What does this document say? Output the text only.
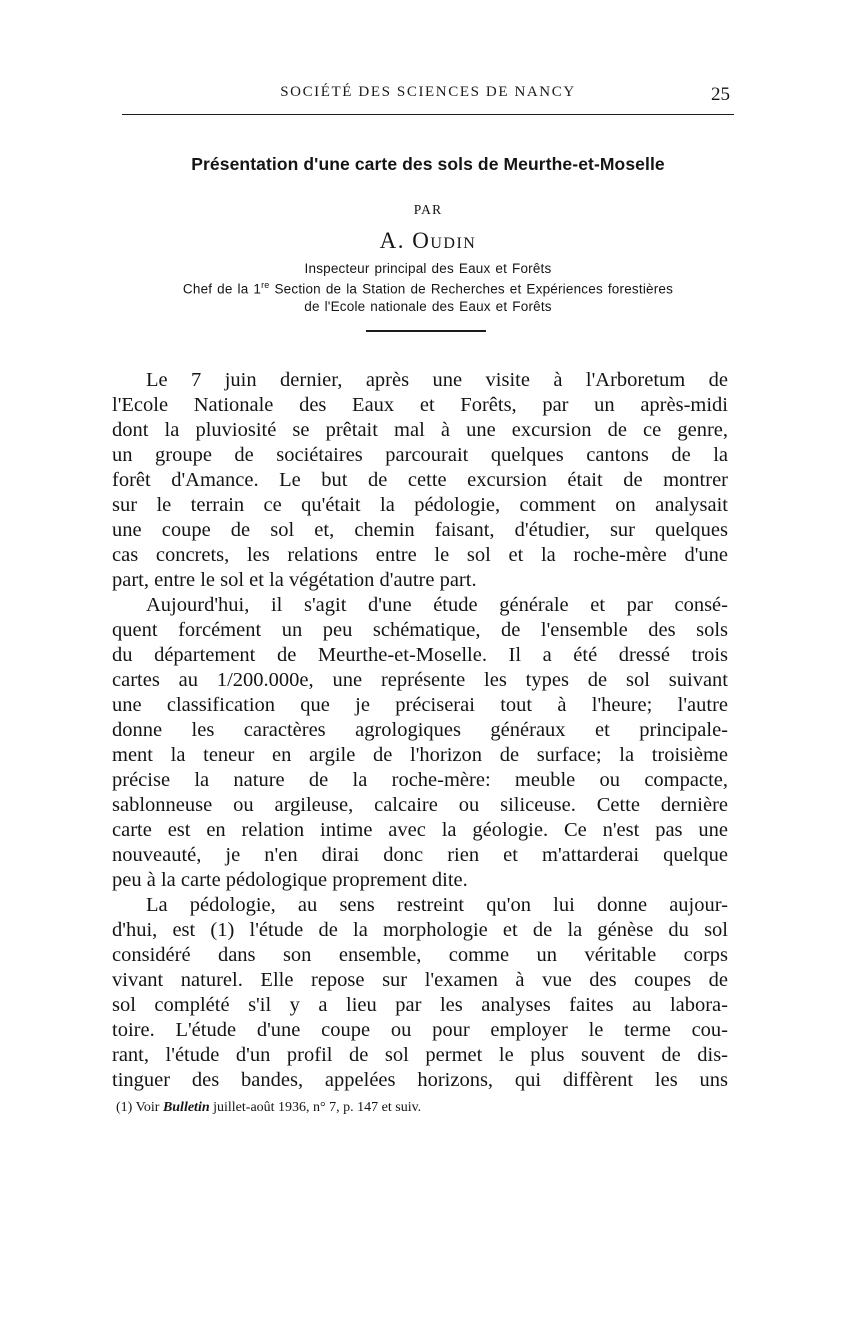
SOCIÉTÉ DES SCIENCES DE NANCY	25
Présentation d'une carte des sols de Meurthe-et-Moselle
PAR
A. Oudin
Inspecteur principal des Eaux et Forêts
Chef de la 1re Section de la Station de Recherches et Expériences forestières
de l'Ecole nationale des Eaux et Forêts
Le 7 juin dernier, après une visite à l'Arboretum de
l'Ecole Nationale des Eaux et Forêts, par un après-midi
dont la pluviosité se prêtait mal à une excursion de ce genre,
un groupe de sociétaires parcourait quelques cantons de la
forêt d'Amance. Le but de cette excursion était de montrer
sur le terrain ce qu'était la pédologie, comment on analysait
une coupe de sol et, chemin faisant, d'étudier, sur quelques
cas concrets, les relations entre le sol et la roche-mère d'une
part, entre le sol et la végétation d'autre part.
Aujourd'hui, il s'agit d'une étude générale et par consé-
quent forcément un peu schématique, de l'ensemble des sols
du département de Meurthe-et-Moselle. Il a été dressé trois
cartes au 1/200.000e, une représente les types de sol suivant
une classification que je préciserai tout à l'heure; l'autre
donne les caractères agrologiques généraux et principale-
ment la teneur en argile de l'horizon de surface; la troisième
précise la nature de la roche-mère: meuble ou compacte,
sablonneuse ou argileuse, calcaire ou siliceuse. Cette dernière
carte est en relation intime avec la géologie. Ce n'est pas une
nouveauté, je n'en dirai donc rien et m'attarderai quelque
peu à la carte pédologique proprement dite.
La pédologie, au sens restreint qu'on lui donne aujour-
d'hui, est (1) l'étude de la morphologie et de la génèse du sol
considéré dans son ensemble, comme un véritable corps
vivant naturel. Elle repose sur l'examen à vue des coupes de
sol complété s'il y a lieu par les analyses faites au labora-
toire. L'étude d'une coupe ou pour employer le terme cou-
rant, l'étude d'un profil de sol permet le plus souvent de dis-
tinguer des bandes, appelées horizons, qui diffèrent les uns
(1) Voir Bulletin juillet-août 1936, n° 7, p. 147 et suiv.
